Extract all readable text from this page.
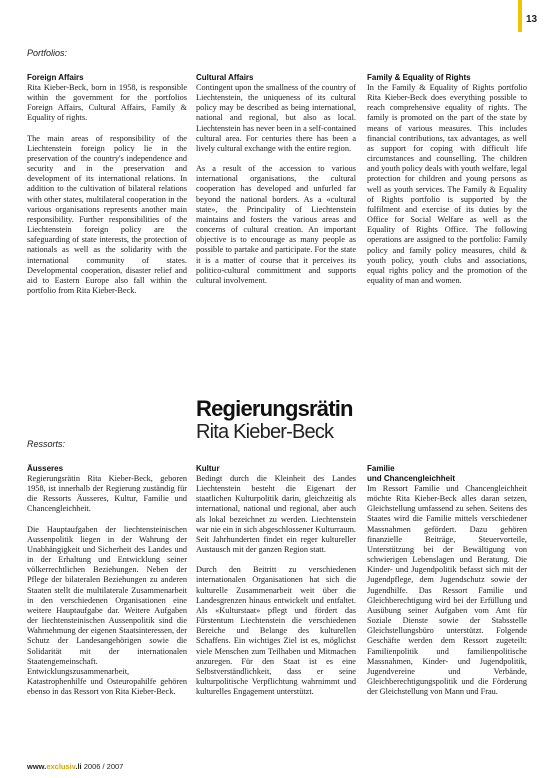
13
Portfolios:
Foreign Affairs

Rita Kieber-Beck, born in 1958, is responsible within the government for the portfolios Foreign Affairs, Cultural Affairs, Family & Equality of rights.

The main areas of responsibility of the Liechtenstein foreign policy lie in the preservation of the country's independence and security and in the preservation and development of its international relations. In addition to the cultivation of bilateral relations with other states, multilateral cooperation in the various organisations represents another main responsibility. Further responsibilities of the Liechtenstein foreign policy are the safeguarding of state interests, the protection of nationals as well as the solidarity with the international community of states. Developmental cooperation, disaster relief and aid to Eastern Europe also fall within the portfolio from Rita Kieber-Beck.

Cultural Affairs

Contingent upon the smallness of the country of Liechtenstein, the uniqueness of its cultural policy may be described as being international, national and regional, but also as local. Liechtenstein has never been in a self-contained cultural area. For centuries there has been a lively cultural exchange with the entire region.

As a result of the accession to various international organisations, the cultural cooperation has developed and unfurled far beyond the national borders. As a «cultural state», the Principality of Liechtenstein maintains and fosters the various areas and concerns of cultural creation. An important objective is to encourage as many people as possible to partake and participate. For the state it is a matter of course that it perceives its politico-cultural committment and supports cultural involvement.

Family & Equality of Rights

In the Family & Equality of Rights portfolio Rita Kieber-Beck does everything possible to reach comprehensive equality of rights. The family is promoted on the part of the state by means of various measures. This includes financial contributions, tax advantages, as well as support for coping with difficult life circumstances and counselling. The children and youth policy deals with youth welfare, legal protection for children and young persons as well as youth services. The Family & Equality of Rights portfolio is supported by the fulfilment and exercise of its duties by the Office for Social Welfare as well as the Equality of Rights Office. The following operations are assigned to the portfolio: Family policy and family policy measures, child & youth policy, youth clubs and associations, equal rights policy and the promotion of the equality of man and women.

Regierungsrätin
Rita Kieber-Beck
Ressorts:
Äusseres

Regierungsrätin Rita Kieber-Beck, geboren 1958, ist innerhalb der Regierung zuständig für die Ressorts Äusseres, Kultur, Familie und Chancengleichheit.

Die Hauptaufgaben der liechtensteinischen Aussenpolitik liegen in der Wahrung der Unabhängigkeit und Sicherheit des Landes und in der Erhaltung und Entwicklung seiner völkerrechtlichen Beziehungen. Neben der Pflege der bilateralen Beziehungen zu anderen Staaten stellt die multilaterale Zusammenarbeit in den verschiedenen Organisationen eine weitere Hauptaufgabe dar. Weitere Aufgaben der liechtensteinischen Aussenpolitik sind die Wahrnehmung der eigenen Staatsinteressen, der Schutz der Landesangehörigen sowie die Solidarität mit der internationalen Staatengemeinschaft. Entwicklungszusammenarbeit, Katastrophenhilfe und Osteuropahilfe gehören ebenso in das Ressort von Rita Kieber-Beck.

Kultur

Bedingt durch die Kleinheit des Landes Liechtenstein besteht die Eigenart der staatlichen Kulturpolitik darin, gleichzeitig als international, national und regional, aber auch als lokal bezeichnet zu werden. Liechtenstein war nie ein in sich abgeschlossener Kulturraum. Seit Jahrhunderten findet ein reger kultureller Austausch mit der ganzen Region statt.

Durch den Beitritt zu verschiedenen internationalen Organisationen hat sich die kulturelle Zusammenarbeit weit über die Landesgrenzen hinaus entwickelt und entfaltet. Als «Kulturstaat» pflegt und fördert das Fürstentum Liechtenstein die verschiedenen Bereiche und Belange des kulturellen Schaffens. Ein wichtiges Ziel ist es, möglichst viele Menschen zum Teilhaben und Mitmachen anzuregen. Für den Staat ist es eine Selbstverständlichkeit, dass er seine kulturpolitische Verpflichtung wahrnimmt und kulturelles Engagement unterstützt.

Familie
und Chancengleichheit

Im Ressort Familie und Chancengleichheit möchte Rita Kieber-Beck alles daran setzen, Gleichstellung umfassend zu sehen. Seitens des Staates wird die Familie mittels verschiedener Massnahmen gefördert. Dazu gehören finanzielle Beiträge, Steuervorteile, Unterstützung bei der Bewältigung von schwierigen Lebenslagen und Beratung. Die Kinder- und Jugendpolitik befasst sich mit der Jugendpflege, dem Jugendschutz sowie der Jugendhilfe. Das Ressort Familie und Gleichberechtigung wird bei der Erfüllung und Ausübung seiner Aufgaben vom Amt für Soziale Dienste sowie der Stabsstelle Gleichstellungsbüro unterstützt. Folgende Geschäfte werden dem Ressort zugeteilt: Familienpolitik und familienpolitische Massnahmen, Kinder- und Jugendpolitik, Jugendvereine und Verbände, Gleichberechtigungspolitik und die Förderung der Gleichstellung von Mann und Frau.

www.exclusiv.li 2006 / 2007
